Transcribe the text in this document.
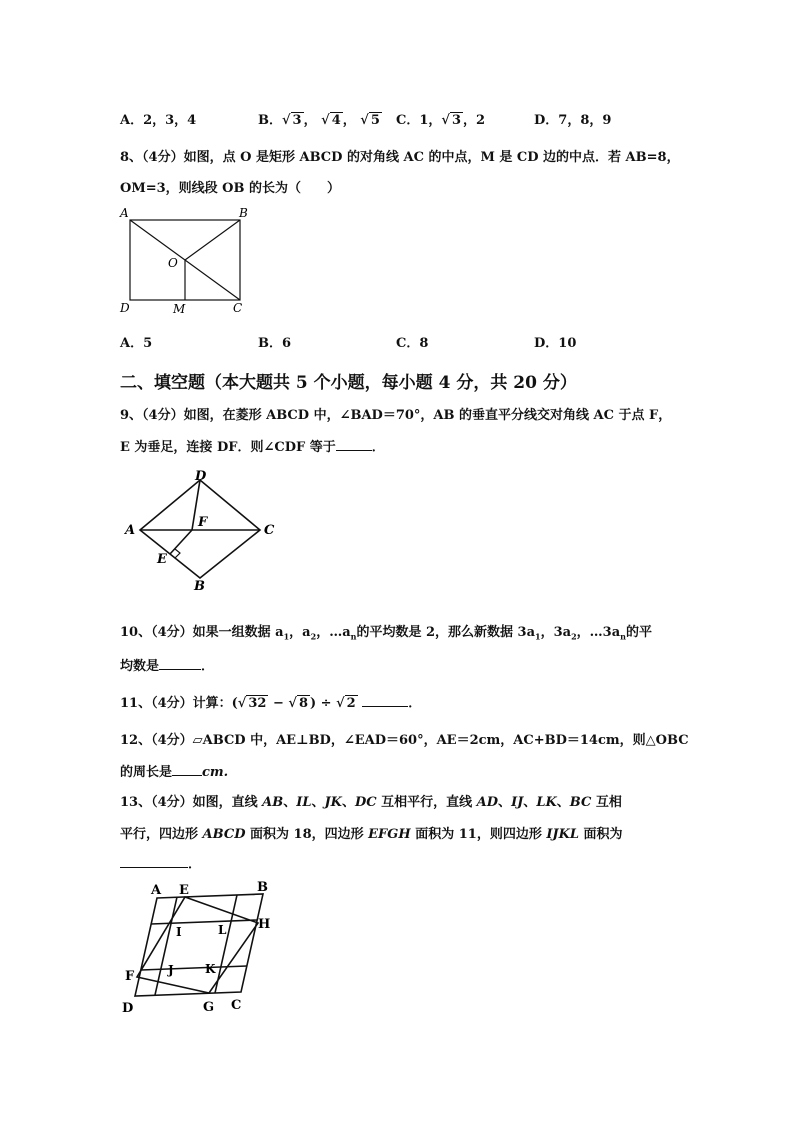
A．2，3，4	B．√ 3 ， √ 4 ， √ 5 C．1，√ 3 ，2	D．7，8，9
8、（4分）如图，点 O 是矩形 ABCD 的对角线 AC 的中点，M 是 CD 边的中点．若 AB=8，
OM=3，则线段 OB 的长为（　　）
A	B
C
D
O
M
A．5	B．6	C．8	D．10
二、填空题（本大题共 5 个小题，每小题 4 分，共 20 分）
9、（4分）如图，在菱形 ABCD 中，∠BAD＝70°，AB 的垂直平分线交对角线 AC 于点 F，
E 为垂足，连接 DF．则∠CDF 等于	．
A
D
C
B
E
F
10、（4分）如果一组数据 $a_1$，$a_2$，$\dots a_n$的平均数是 2，那么新数据 $3a_1$，$3a_2$，$\dots 3a_n$的平
均数是	．
11、（4分）计算：(√ 32 − √ 8 ) ÷ √ 2	．
12、（4分）▱ABCD 中，AE⊥BD，∠EAD＝60°，AE＝2cm，AC+BD＝14cm，则△OBC
的周长是 cm.
13、（4分）如图，直线 AB、IL、JK、DC 互相平行，直线 AD、IJ、LK、BC 互相
平行，四边形 ABCD 面积为 18，四边形 EFGH 面积为 11，则四边形 IJKL 面积为
．
A E	B
H
I	L
F	J	K
D	G C
